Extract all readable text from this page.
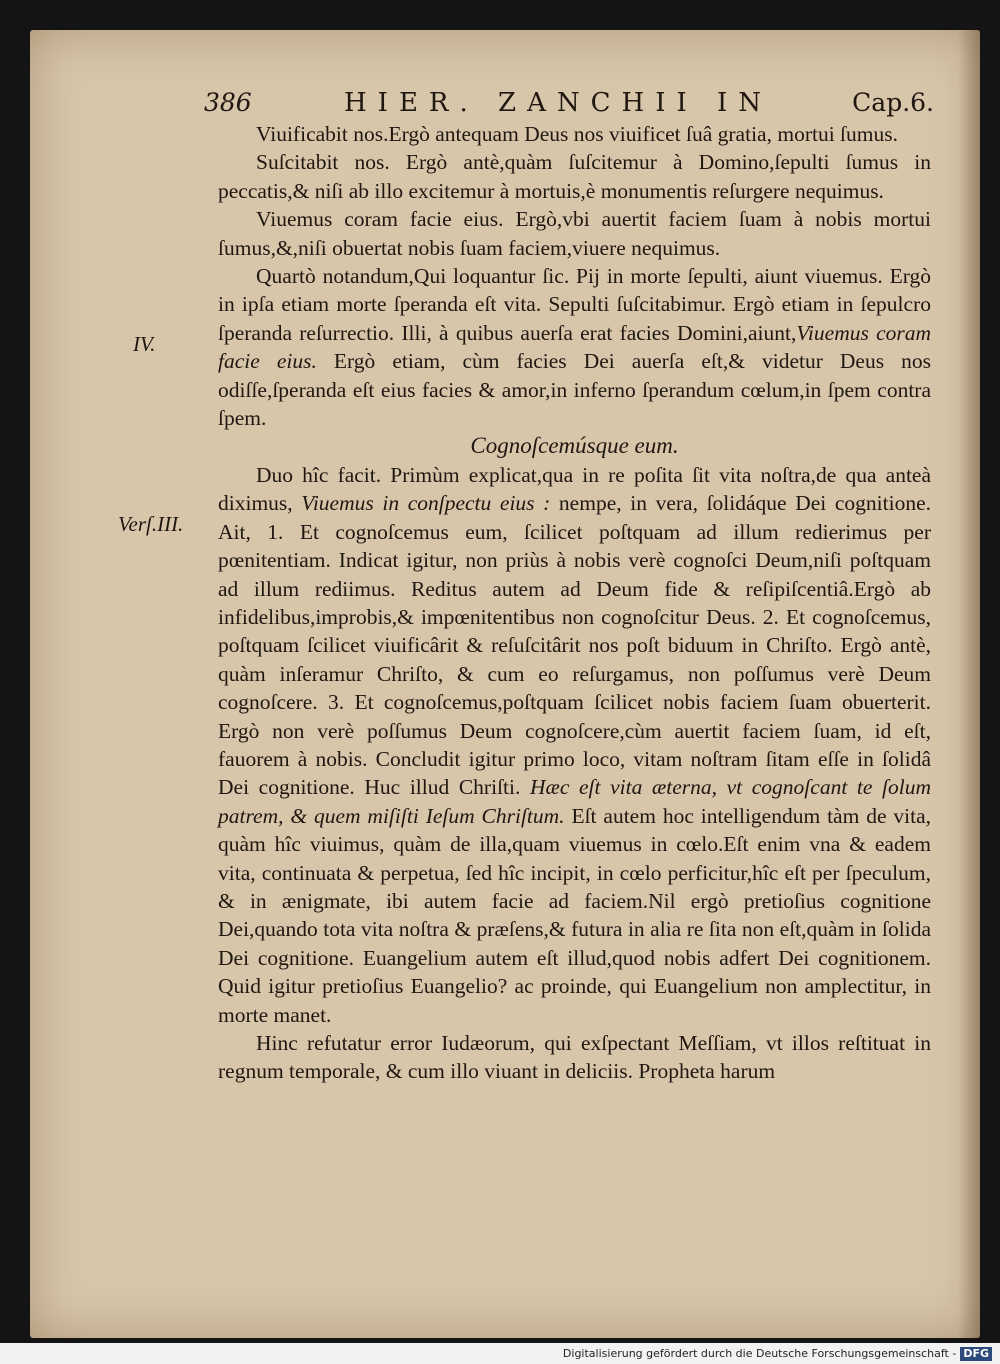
386	HIER. ZANCHII IN	Cap.6.
IV.
Verſ.III.

Viuificabit nos.Ergò antequam Deus nos viuificet ſuâ gratia, mortui ſumus.

Suſcitabit nos. Ergò antè,quàm ſuſcitemur à Domino,ſepulti ſumus in peccatis,& niſi ab illo excitemur à mortuis,è monumentis reſurgere nequimus.

Viuemus coram facie eius. Ergò,vbi auertit faciem ſuam à nobis mortui ſumus,&,niſi obuertat nobis ſuam faciem,viuere nequimus.

Quartò notandum,Qui loquantur ſic. Pij in morte ſepulti, aiunt viuemus. Ergò in ipſa etiam morte ſperanda eſt vita. Sepulti ſuſcitabimur. Ergò etiam in ſepulcro ſperanda reſurrectio. Illi, à quibus auerſa erat facies Domini,aiunt,Viuemus coram facie eius. Ergò etiam, cùm facies Dei auerſa eſt,& videtur Deus nos odiſſe,ſperanda eſt eius facies & amor,in inferno ſperandum cœlum,in ſpem contra ſpem.

Cognoſcemúsque eum.

Duo hîc facit. Primùm explicat,qua in re poſita ſit vita noſtra,de qua anteà diximus, Viuemus in conſpectu eius : nempe, in vera, ſolidáque Dei cognitione. Ait, 1. Et cognoſcemus eum, ſcilicet poſtquam ad illum redierimus per pœnitentiam. Indicat igitur, non priùs à nobis verè cognoſci Deum,niſi poſtquam ad illum rediimus. Reditus autem ad Deum fide & reſipiſcentiâ.Ergò ab infidelibus,improbis,& impœnitentibus non cognoſcitur Deus. 2. Et cognoſcemus, poſtquam ſcilicet viuificârit & reſuſcitârit nos poſt biduum in Chriſto. Ergò antè, quàm inſeramur Chriſto, & cum eo reſurgamus, non poſſumus verè Deum cognoſcere. 3. Et cognoſcemus,poſtquam ſcilicet nobis faciem ſuam obuerterit. Ergò non verè poſſumus Deum cognoſcere,cùm auertit faciem ſuam, id eſt, fauorem à nobis. Concludit igitur primo loco, vitam noſtram ſitam eſſe in ſolidâ Dei cognitione. Huc illud Chriſti. Hæc eſt vita æterna, vt cognoſcant te ſolum patrem, & quem miſiſti Ieſum Chriſtum. Eſt autem hoc intelligendum tàm de vita, quàm hîc viuimus, quàm de illa,quam viuemus in cœlo.Eſt enim vna & eadem vita, continuata & perpetua, ſed hîc incipit, in cœlo perficitur,hîc eſt per ſpeculum, & in ænigmate, ibi autem facie ad faciem.Nil ergò pretioſius cognitione Dei,quando tota vita noſtra & præſens,& futura in alia re ſita non eſt,quàm in ſolida Dei cognitione. Euangelium autem eſt illud,quod nobis adfert Dei cognitionem. Quid igitur pretioſius Euangelio? ac proinde, qui Euangelium non amplectitur, in morte manet.

Hinc refutatur error Iudæorum, qui exſpectant Meſſiam, vt illos reſtituat in regnum temporale, & cum illo viuant in deliciis. Propheta harum

Digitalisierung gefördert durch die Deutsche Forschungsgemeinschaft - DFG
